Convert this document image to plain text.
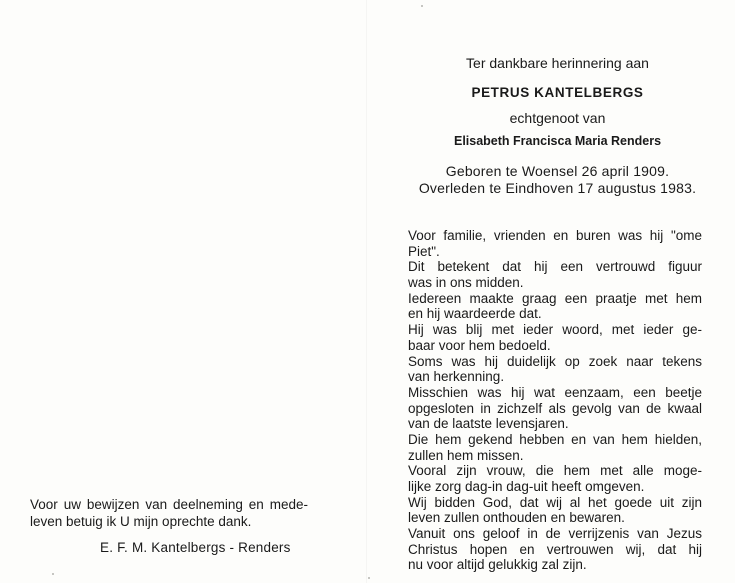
Ter dankbare herinnering aan
PETRUS KANTELBERGS
echtgenoot van
Elisabeth Francisca Maria Renders
Geboren te Woensel 26 april 1909.
Overleden te Eindhoven 17 augustus 1983.
Voor familie, vrienden en buren was hij "ome
Piet".
Dit betekent dat hij een vertrouwd figuur
was in ons midden.
Iedereen maakte graag een praatje met hem
en hij waardeerde dat.
Hij was blij met ieder woord, met ieder ge-
baar voor hem bedoeld.
Soms was hij duidelijk op zoek naar tekens
van herkenning.
Misschien was hij wat eenzaam, een beetje
opgesloten in zichzelf als gevolg van de kwaal
van de laatste levensjaren.
Die hem gekend hebben en van hem hielden,
zullen hem missen.
Vooral zijn vrouw, die hem met alle moge-
lijke zorg dag-in dag-uit heeft omgeven.
Wij bidden God, dat wij al het goede uit zijn
leven zullen onthouden en bewaren.
Vanuit ons geloof in de verrijzenis van Jezus
Christus hopen en vertrouwen wij, dat hij
nu voor altijd gelukkig zal zijn.
Voor uw bewijzen van deelneming en mede-
leven betuig ik U mijn oprechte dank.
E. F. M. Kantelbergs - Renders
